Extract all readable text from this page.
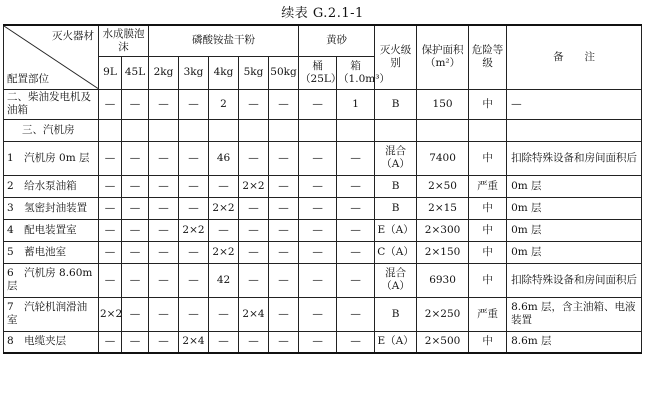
续表 G.2.1-1
灭火器材
配置部位	水成膜泡沫		磷酸铵盐干粉					黄砂		灭火级别	保护面积（m²）	危险等级	备　　注
	9L	45L	2kg	3kg	4kg	5kg	50kg	桶（25L）	箱（1.0m³）				
二、柴油发电机及油箱	—	—	—	—	2	—	—	—	1	B	150	中	—
三、汽机房													
1　汽机房 0m 层	—	—	—	—	46	—	—	—	—	混合（A）	7400	中	扣除特殊设备和房间面积后
2　给水泵油箱	—	—	—	—	—	2×2	—	—	—	B	2×50	严重	0m 层
3　氢密封油装置	—	—	—	—	2×2	—	—	—	—	B	2×15	中	0m 层
4　配电装置室	—	—	—	2×2	—	—	—	—	—	E（A）	2×300	中	0m 层
5　蓄电池室	—	—	—	—	2×2	—	—	—	—	C（A）	2×150	中	0m 层
6　汽机房 8.60m 层	—	—	—	—	42	—	—	—	—	混合（A）	6930	中	扣除特殊设备和房间面积后
7　汽轮机润滑油室	2×2	—	—	—	—	2×4	—	—	—	B	2×250	严重	8.6m 层，含主油箱、电液装置
8　电缆夹层	—	—	—	2×4	—	—	—	—	—	E（A）	2×500	中	8.6m 层
